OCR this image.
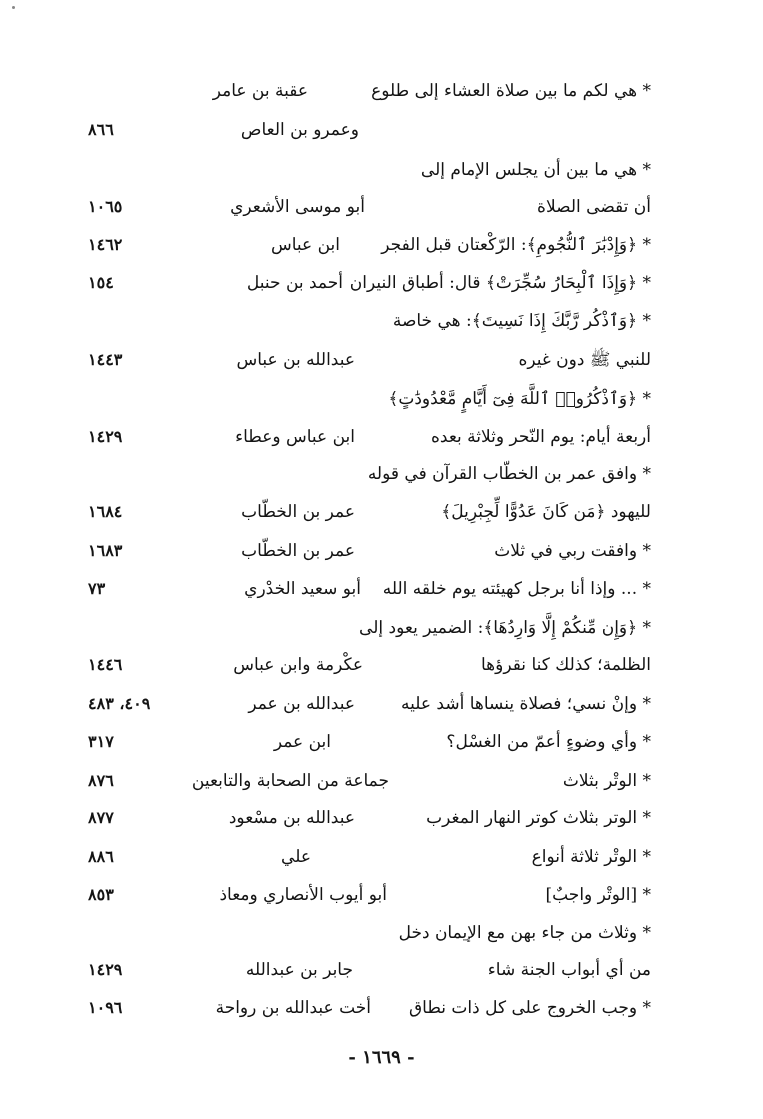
* هي لكم ما بين صلاة العشاء إلى طلوع
عقبة بن عامر
وعمرو بن العاص
٨٦٦
* هي ما بين أن يجلس الإمام إلى
أن تقضى الصلاة
أبو موسى الأشعري
١٠٦٥
* ﴿وَإِدْبَٰرَ ٱلنُّجُومِ﴾: الرّكْعتان قبل الفجر
ابن عباس
١٤٦٢
* ﴿وَإِذَا ٱلْبِحَارُ سُجِّرَتْ﴾ قال: أطباق النيران
أحمد بن حنبل
١٥٤
* ﴿وَٱذْكُر رَّبَّكَ إِذَا نَسِيتَ﴾: هي خاصة
للنبي ﷺ دون غيره
عبدالله بن عباس
١٤٤٣
* ﴿وَٱذْكُرُوا۟ ٱللَّهَ فِىٓ أَيَّامٍ مَّعْدُودَٰتٍ﴾
أربعة أيام: يوم النّحر وثلاثة بعده
ابن عباس وعطاء
١٤٢٩
* وافق عمر بن الخطّاب القرآن في قوله
لليهود ﴿مَن كَانَ عَدُوًّا لِّجِبْرِيلَ﴾
عمر بن الخطّاب
١٦٨٤
* وافقت ربي في ثلاث
عمر بن الخطّاب
١٦٨٣
* ... وإذا أنا برجل كهيئته يوم خلقه الله
أبو سعيد الخدْري
٧٣
* ﴿وَإِن مِّنكُمْ إِلَّا وَارِدُهَا﴾: الضمير يعود إلى
الظلمة؛ كذلك كنا نقرؤها
عكْرمة وابن عباس
١٤٤٦
* وإنْ نسي؛ فصلاة ينساها أشد عليه
عبدالله بن عمر
٤٠٩، ٤٨٣
* وأي وضوءٍ أعمّ من الغسْل؟
ابن عمر
٣١٧
* الوتْر بثلاث
جماعة من الصحابة والتابعين
٨٧٦
* الوتر بثلاث كوتر النهار المغرب
عبدالله بن مسْعود
٨٧٧
* الوتْر ثلاثة أنواع
علي
٨٨٦
* [الوتْر واجبٌ]
أبو أيوب الأنصاري ومعاذ
٨٥٣
* وثلاث من جاء بهن مع الإيمان دخل
من أي أبواب الجنة شاء
جابر بن عبدالله
١٤٢٩
* وجب الخروج على كل ذات نطاق
أخت عبدالله بن رواحة
١٠٩٦
- ١٦٦٩ -
